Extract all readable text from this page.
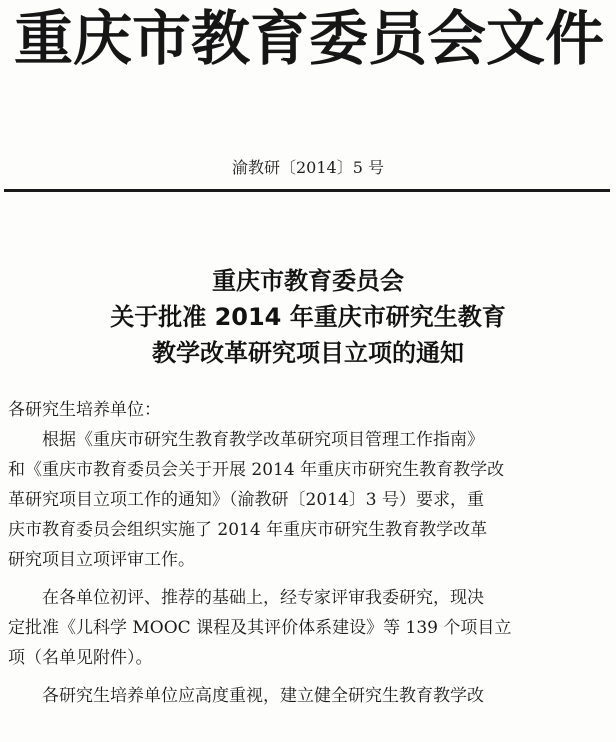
重庆市教育委员会文件
渝教研〔2014〕5 号
重庆市教育委员会
关于批准 2014 年重庆市研究生教育
教学改革研究项目立项的通知
各研究生培养单位：
根据《重庆市研究生教育教学改革研究项目管理工作指南》
和《重庆市教育委员会关于开展 2014 年重庆市研究生教育教学改
革研究项目立项工作的通知》（渝教研〔2014〕3 号）要求，重
庆市教育委员会组织实施了 2014 年重庆市研究生教育教学改革
研究项目立项评审工作。
在各单位初评、推荐的基础上，经专家评审我委研究，现决
定批准《儿科学 MOOC 课程及其评价体系建设》等 139 个项目立
项（名单见附件）。
各研究生培养单位应高度重视，建立健全研究生教育教学改
